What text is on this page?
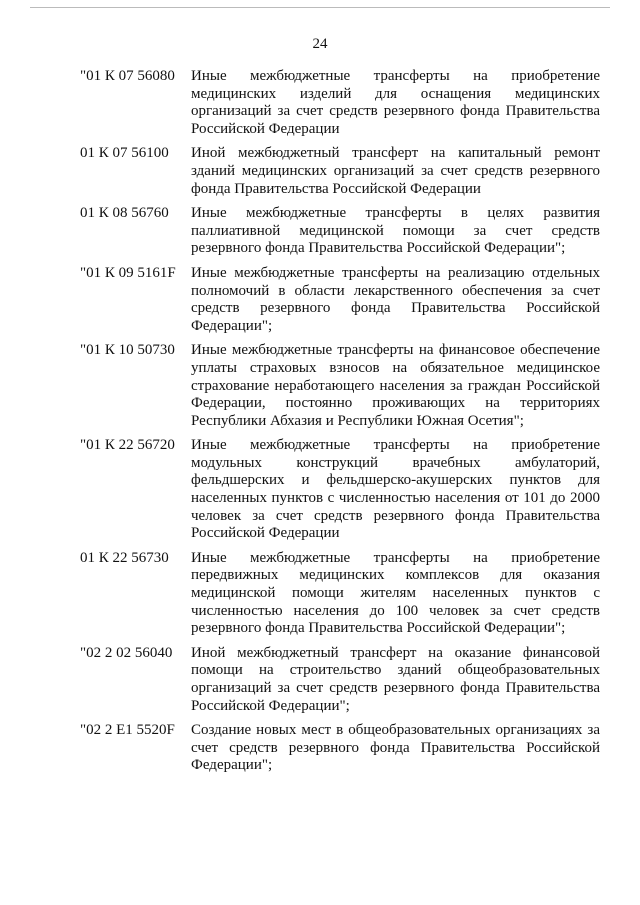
24
"01 К 07 56080	Иные межбюджетные трансферты на приобретение
медицинских изделий для оснащения медицинских
организаций за счет средств резервного фонда Правительства
Российской Федерации
01 К 07 56100	Иной межбюджетный трансферт на капитальный ремонт
зданий медицинских организаций за счет средств резервного
фонда Правительства Российской Федерации
01 К 08 56760	Иные межбюджетные трансферты в целях развития
паллиативной медицинской помощи за счет средств
резервного фонда Правительства Российской Федерации";
"01 К 09 5161F	Иные межбюджетные трансферты на реализацию отдельных
полномочий в области лекарственного обеспечения за счет
средств резервного фонда Правительства Российской
Федерации";
"01 К 10 50730	Иные межбюджетные трансферты на финансовое обеспечение
уплаты страховых взносов на обязательное медицинское
страхование неработающего населения за граждан Российской
Федерации, постоянно проживающих на территориях
Республики Абхазия и Республики Южная Осетия";
"01 К 22 56720	Иные межбюджетные трансферты на приобретение
модульных конструкций врачебных амбулаторий,
фельдшерских и фельдшерско-акушерских пунктов для
населенных пунктов с численностью населения от 101 до 2000
человек за счет средств резервного фонда Правительства
Российской Федерации
01 К 22 56730	Иные межбюджетные трансферты на приобретение
передвижных медицинских комплексов для оказания
медицинской помощи жителям населенных пунктов с
численностью населения до 100 человек за счет средств
резервного фонда Правительства Российской Федерации";
"02 2 02 56040	Иной межбюджетный трансферт на оказание финансовой
помощи на строительство зданий общеобразовательных
организаций за счет средств резервного фонда Правительства
Российской Федерации";
"02 2 E1 5520F	Создание новых мест в общеобразовательных организациях за
счет средств резервного фонда Правительства Российской
Федерации";
